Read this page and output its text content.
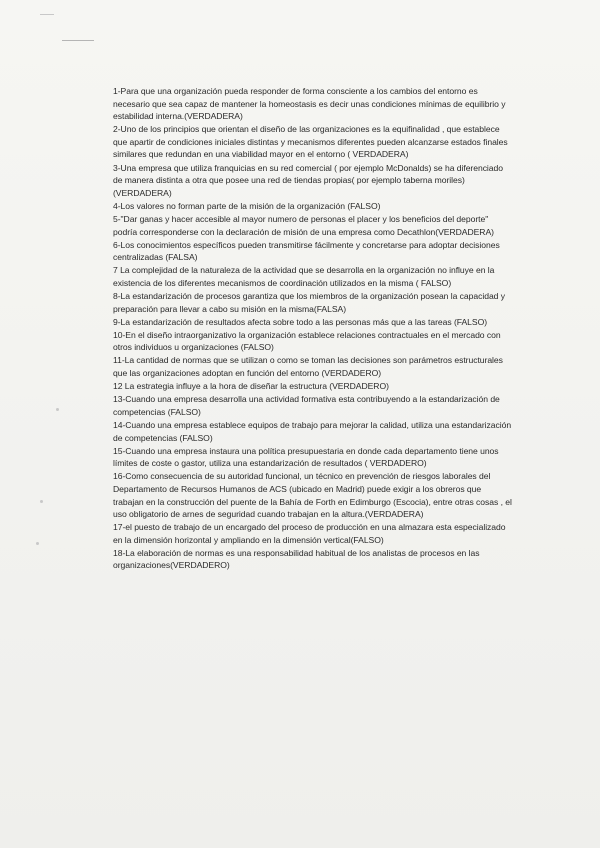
1-Para que una organización pueda responder de forma consciente a los cambios del entorno es necesario que sea capaz de mantener la homeostasis es decir unas condiciones mínimas de equilibrio y estabilidad interna.(VERDADERA)

2-Uno de los principios que orientan el diseño de las organizaciones es la equifinalidad , que establece que apartir de condiciones iniciales distintas y mecanismos diferentes pueden alcanzarse estados finales similares que redundan en una viabilidad mayor en el entorno ( VERDADERA)

3-Una empresa que utiliza franquicias en su red comercial ( por ejemplo McDonalds) se ha diferenciado de manera distinta a otra que posee una red de tiendas propias( por ejemplo taberna moriles) (VERDADERA)

4-Los valores no forman parte de la misión de la organización (FALSO)

5-"Dar ganas y hacer accesible al mayor numero de personas el placer y los beneficios del deporte" podría corresponderse con la declaración de misión de una empresa como Decathlon(VERDADERA)

6-Los conocimientos específicos pueden transmitirse fácilmente y concretarse para adoptar decisiones centralizadas (FALSA)

7 La complejidad de la naturaleza de la actividad que se desarrolla en la organización no influye en la existencia de los diferentes mecanismos de coordinación utilizados en la misma ( FALSO)

8-La estandarización de procesos garantiza que los miembros de la organización posean la capacidad y preparación para llevar a cabo su misión en la misma(FALSA)

9-La estandarización de resultados afecta sobre todo a las personas más que a las tareas (FALSO)

10-En el diseño intraorganizativo la organización establece relaciones contractuales en el mercado con otros individuos u organizaciones (FALSO)

11-La cantidad de normas que se utilizan o como se toman las decisiones son parámetros estructurales que las organizaciones adoptan en función del entorno (VERDADERO)

12 La estrategia influye a la hora de diseñar la estructura (VERDADERO)

13-Cuando una empresa desarrolla una actividad formativa esta contribuyendo a la estandarización de competencias (FALSO)

14-Cuando una empresa establece equipos de trabajo para mejorar la calidad, utiliza una estandarización de competencias (FALSO)

15-Cuando una empresa instaura una política presupuestaria en donde cada departamento tiene unos límites de coste o gastor, utiliza una estandarización de resultados ( VERDADERO)

16-Como consecuencia de su autoridad funcional, un técnico en prevención de riesgos laborales del Departamento de Recursos Humanos de ACS (ubicado en Madrid) puede exigir a los obreros que trabajan en la construcción del puente de la Bahía de Forth en Edimburgo (Escocia), entre otras cosas , el uso obligatorio de arnes de seguridad cuando trabajan en la altura.(VERDADERA)

17-el puesto de trabajo de un encargado del proceso de producción en una almazara esta especializado en la dimensión horizontal y ampliando en la dimensión vertical(FALSO)

18-La elaboración de normas es una responsabilidad habitual de los analistas de procesos en las organizaciones(VERDADERO)
